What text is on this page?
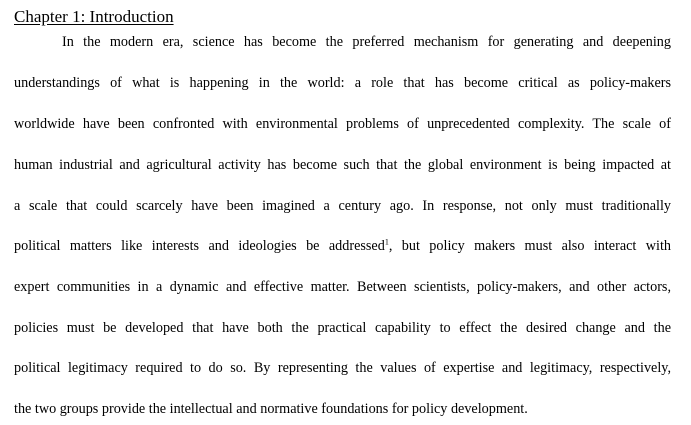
Chapter 1: Introduction
In the modern era, science has become the preferred mechanism for generating and deepening
understandings of what is happening in the world: a role that has become critical as policy-makers
worldwide have been confronted with environmental problems of unprecedented complexity. The scale of
human industrial and agricultural activity has become such that the global environment is being impacted at
a scale that could scarcely have been imagined a century ago. In response, not only must traditionally
political matters like interests and ideologies be addressed$^1$, but policy makers must also interact with
expert communities in a dynamic and effective matter. Between scientists, policy-makers, and other actors,
policies must be developed that have both the practical capability to effect the desired change and the
political legitimacy required to do so. By representing the values of expertise and legitimacy, respectively,
the two groups provide the intellectual and normative foundations for policy development.
